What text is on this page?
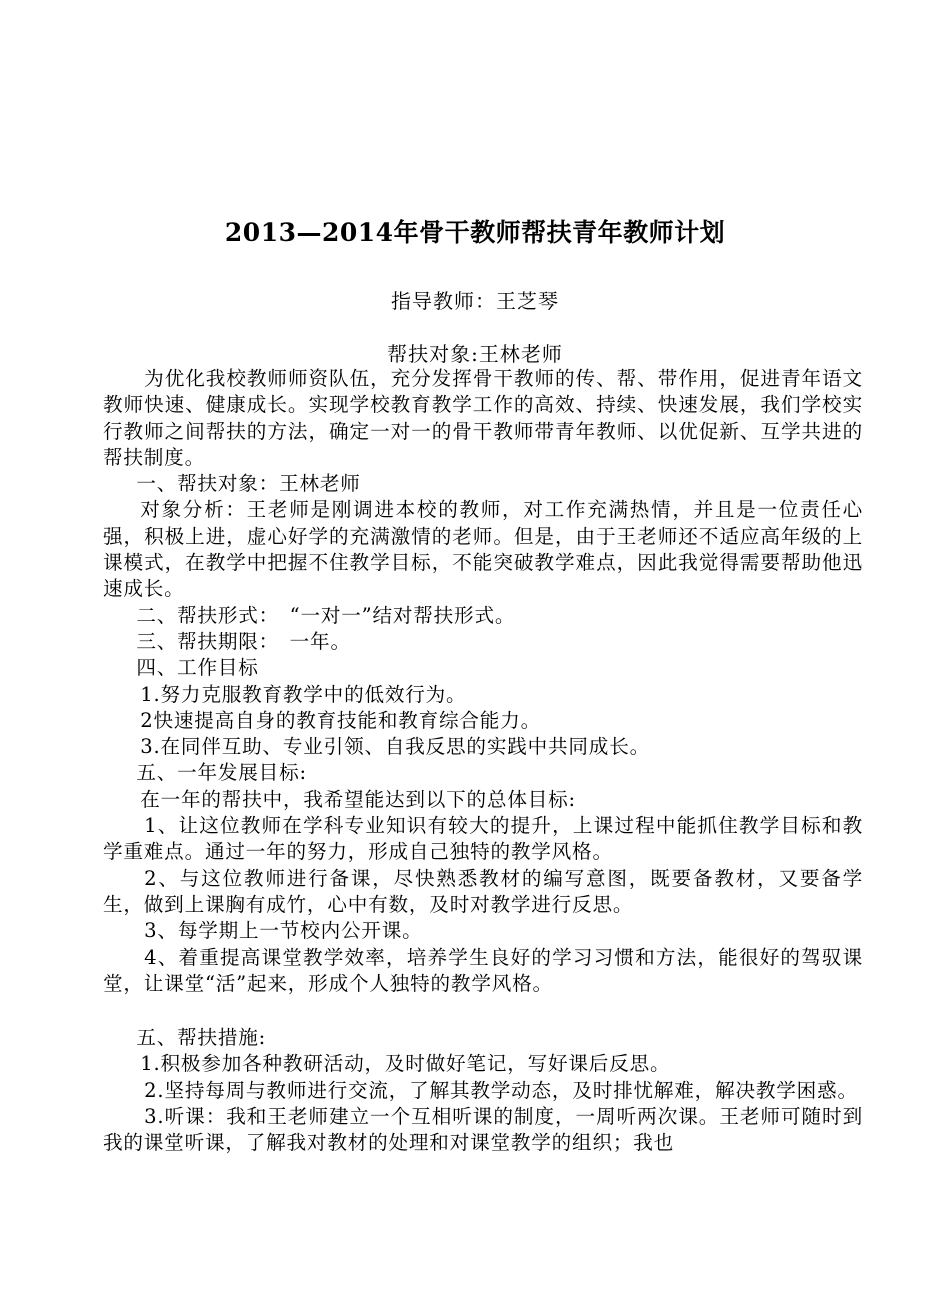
2013—2014年骨干教师帮扶青年教师计划
指导教师：王芝琴
帮扶对象:王林老师

为优化我校教师师资队伍，充分发挥骨干教师的传、帮、带作用，促进青年语文教师快速、健康成长。实现学校教育教学工作的高效、持续、快速发展，我们学校实行教师之间帮扶的方法，确定一对一的骨干教师带青年教师、以优促新、互学共进的帮扶制度。

一、帮扶对象：王林老师

对象分析：王老师是刚调进本校的教师，对工作充满热情，并且是一位责任心强，积极上进，虚心好学的充满激情的老师。但是，由于王老师还不适应高年级的上课模式，在教学中把握不住教学目标，不能突破教学难点，因此我觉得需要帮助他迅速成长。

二、帮扶形式：　“一对一”结对帮扶形式。

三、帮扶期限：　一年。

四、工作目标

1.努力克服教育教学中的低效行为。

2快速提高自身的教育技能和教育综合能力。

3.在同伴互助、专业引领、自我反思的实践中共同成长。

五、一年发展目标:

在一年的帮扶中，我希望能达到以下的总体目标:

1、让这位教师在学科专业知识有较大的提升，上课过程中能抓住教学目标和教学重难点。通过一年的努力，形成自己独特的教学风格。

2、与这位教师进行备课，尽快熟悉教材的编写意图，既要备教材，又要备学生，做到上课胸有成竹，心中有数，及时对教学进行反思。

3、每学期上一节校内公开课。

4、着重提高课堂教学效率，培养学生良好的学习习惯和方法，能很好的驾驭课堂，让课堂“活”起来，形成个人独特的教学风格。

五、帮扶措施:

1.积极参加各种教研活动，及时做好笔记，写好课后反思。

2.坚持每周与教师进行交流，了解其教学动态，及时排忧解难，解决教学困惑。

3.听课：我和王老师建立一个互相听课的制度，一周听两次课。王老师可随时到我的课堂听课，了解我对教材的处理和对课堂教学的组织；我也
